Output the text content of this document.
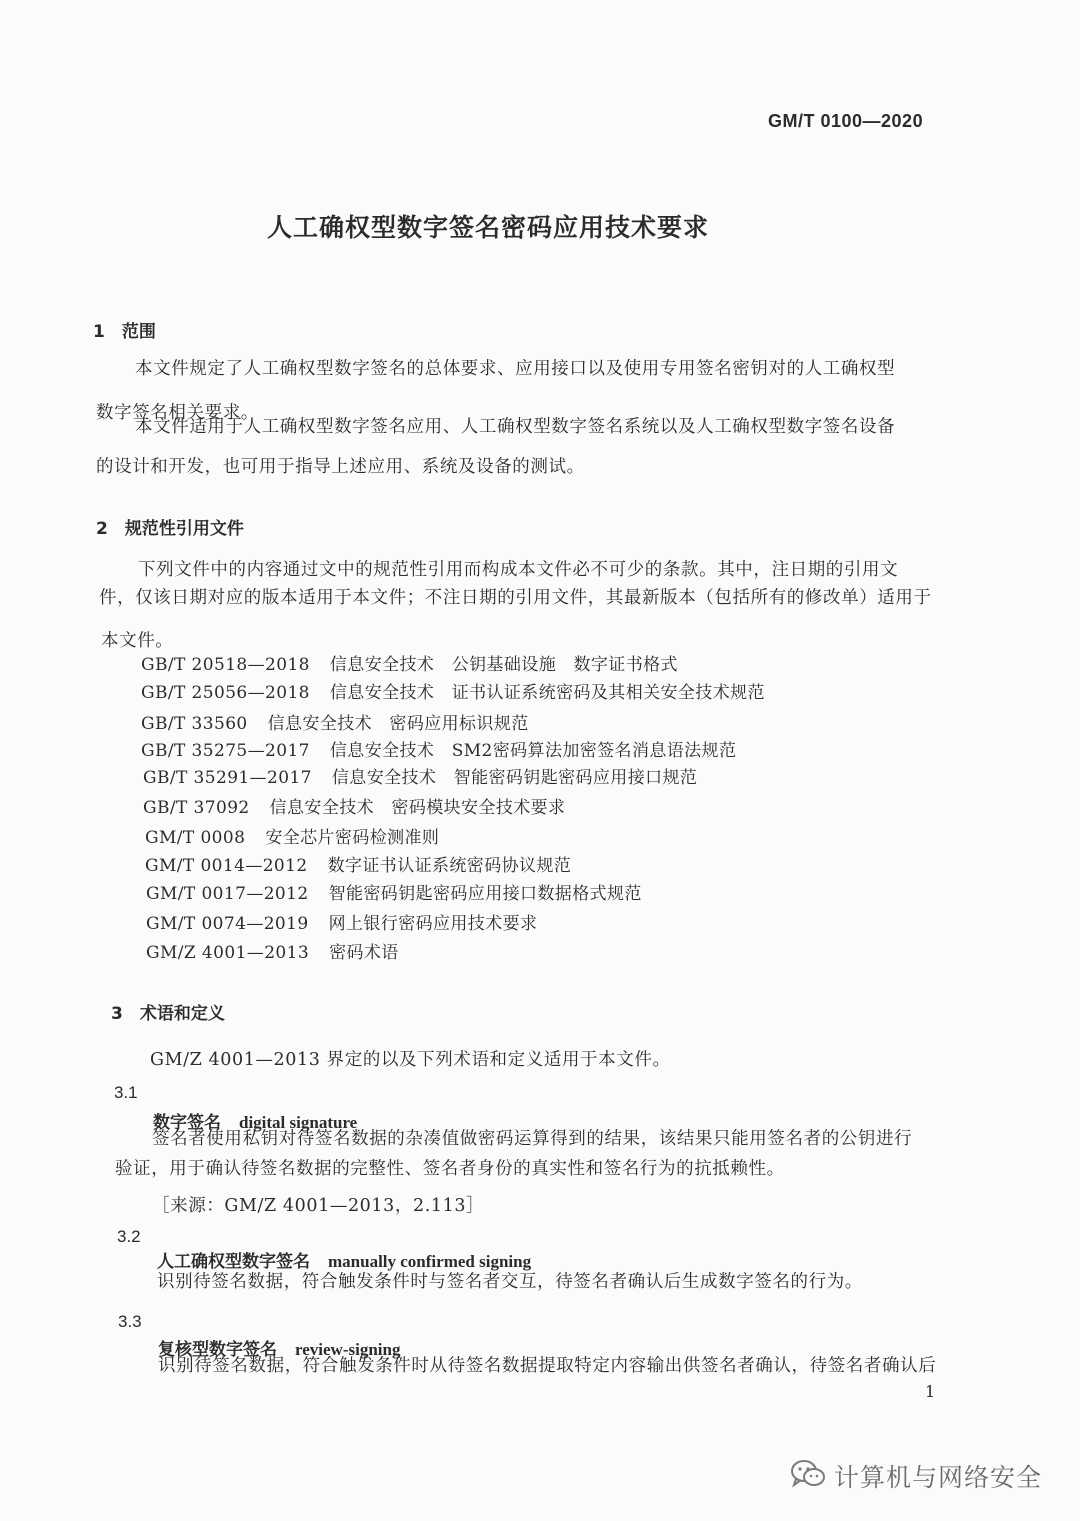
GM/T 0100—2020
人工确权型数字签名密码应用技术要求
1　范围
本文件规定了人工确权型数字签名的总体要求、应用接口以及使用专用签名密钥对的人工确权型
数字签名相关要求。
本文件适用于人工确权型数字签名应用、人工确权型数字签名系统以及人工确权型数字签名设备
的设计和开发，也可用于指导上述应用、系统及设备的测试。
2　规范性引用文件
下列文件中的内容通过文中的规范性引用而构成本文件必不可少的条款。其中，注日期的引用文
件，仅该日期对应的版本适用于本文件；不注日期的引用文件，其最新版本（包括所有的修改单）适用于
本文件。
GB/T 20518—2018 信息安全技术　公钥基础设施　数字证书格式
GB/T 25056—2018 信息安全技术　证书认证系统密码及其相关安全技术规范
GB/T 33560 信息安全技术　密码应用标识规范
GB/T 35275—2017 信息安全技术　SM2密码算法加密签名消息语法规范
GB/T 35291—2017 信息安全技术　智能密码钥匙密码应用接口规范
GB/T 37092 信息安全技术　密码模块安全技术要求
GM/T 0008 安全芯片密码检测准则
GM/T 0014—2012 数字证书认证系统密码协议规范
GM/T 0017—2012 智能密码钥匙密码应用接口数据格式规范
GM/T 0074—2019 网上银行密码应用技术要求
GM/Z 4001—2013 密码术语
3　术语和定义
GM/Z 4001—2013 界定的以及下列术语和定义适用于本文件。
3.1
数字签名 digital signature
签名者使用私钥对待签名数据的杂凑值做密码运算得到的结果，该结果只能用签名者的公钥进行
验证，用于确认待签名数据的完整性、签名者身份的真实性和签名行为的抗抵赖性。
［来源：GM/Z 4001—2013，2.113］
3.2
人工确权型数字签名 manually confirmed signing
识别待签名数据，符合触发条件时与签名者交互，待签名者确认后生成数字签名的行为。
3.3
复核型数字签名 review-signing
识别待签名数据，符合触发条件时从待签名数据提取特定内容输出供签名者确认，待签名者确认后
1
计算机与网络安全
